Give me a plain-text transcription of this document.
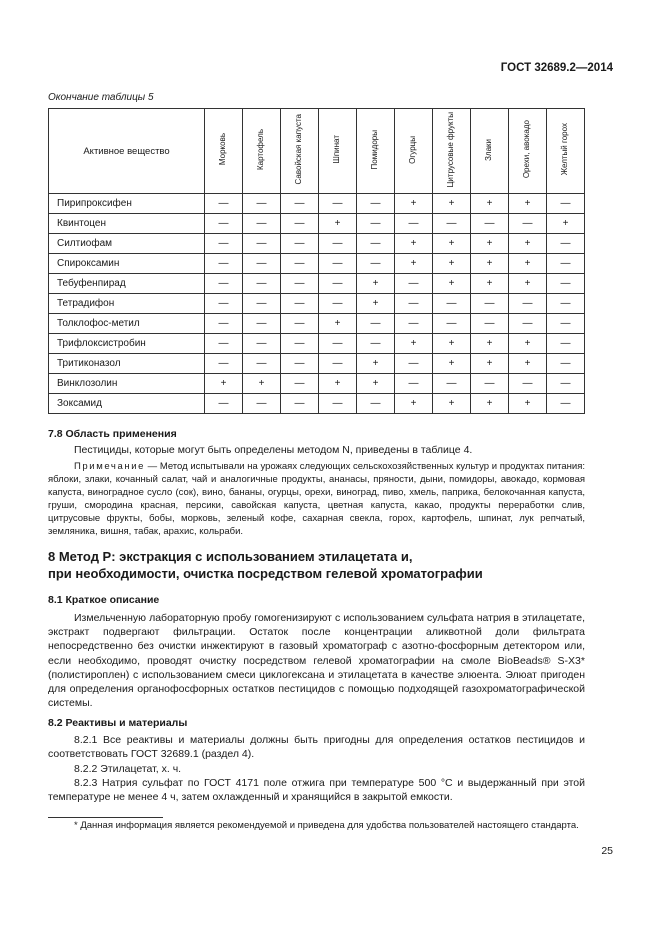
ГОСТ 32689.2—2014
Окончание таблицы 5
Активное вещество	Морковь	Картофель	Савойская капуста	Шпинат	Помидоры	Огурцы	Цитрусовые фрукты	Злаки	Орехи, авокадо	Желтый горох
Пирипроксифен	—	—	—	—	—	+	+	+	+	—
Квинтоцен	—	—	—	+	—	—	—	—	—	+
Силтиофам	—	—	—	—	—	+	+	+	+	—
Спироксамин	—	—	—	—	—	+	+	+	+	—
Тебуфенпирад	—	—	—	—	+	—	+	+	+	—
Тетрадифон	—	—	—	—	+	—	—	—	—	—
Толклофос-метил	—	—	—	+	—	—	—	—	—	—
Трифлоксистробин	—	—	—	—	—	+	+	+	+	—
Тритиконазол	—	—	—	—	+	—	+	+	+	—
Винклозолин	+	+	—	+	+	—	—	—	—	—
Зоксамид	—	—	—	—	—	+	+	+	+	—
7.8 Область применения
Пестициды, которые могут быть определены методом N, приведены в таблице 4.
Примечание — Метод испытывали на урожаях следующих сельскохозяйственных культур и продуктах питания: яблоки, злаки, кочанный салат, чай и аналогичные продукты, ананасы, пряности, дыни, помидоры, авокадо, кормовая капуста, виноградное сусло (сок), вино, бананы, огурцы, орехи, виноград, пиво, хмель, паприка, белокочанная капуста, груши, смородина красная, персики, савойская капуста, цветная капуста, какао, продукты переработки слив, цитрусовые фрукты, бобы, морковь, зеленый кофе, сахарная свекла, горох, картофель, шпинат, лук репчатый, земляника, вишня, табак, арахис, кольраби.
8 Метод P: экстракция с использованием этилацетата и,
при необходимости, очистка посредством гелевой хроматографии
8.1 Краткое описание
Измельченную лабораторную пробу гомогенизируют с использованием сульфата натрия в этилацетате, экстракт подвергают фильтрации. Остаток после концентрации аликвотной доли фильтрата непосредственно без очистки инжектируют в газовый хроматограф с азотно-фосфорным детектором или, если необходимо, проводят очистку посредством гелевой хроматографии на смоле BioBeads® S-X3* (полистироплен) с использованием смеси циклогексана и этилацетата в качестве элюента. Элюат пригоден для определения органофосфорных остатков пестицидов с помощью подходящей газохроматографической системы.
8.2 Реактивы и материалы
8.2.1 Все реактивы и материалы должны быть пригодны для определения остатков пестицидов и соответствовать ГОСТ 32689.1 (раздел 4).
8.2.2 Этилацетат, х. ч.
8.2.3 Натрия сульфат по ГОСТ 4171 поле отжига при температуре 500 °С и выдержанный при этой температуре не менее 4 ч, затем охлажденный и хранящийся в закрытой емкости.
* Данная информация является рекомендуемой и приведена для удобства пользователей настоящего стандарта.
25
